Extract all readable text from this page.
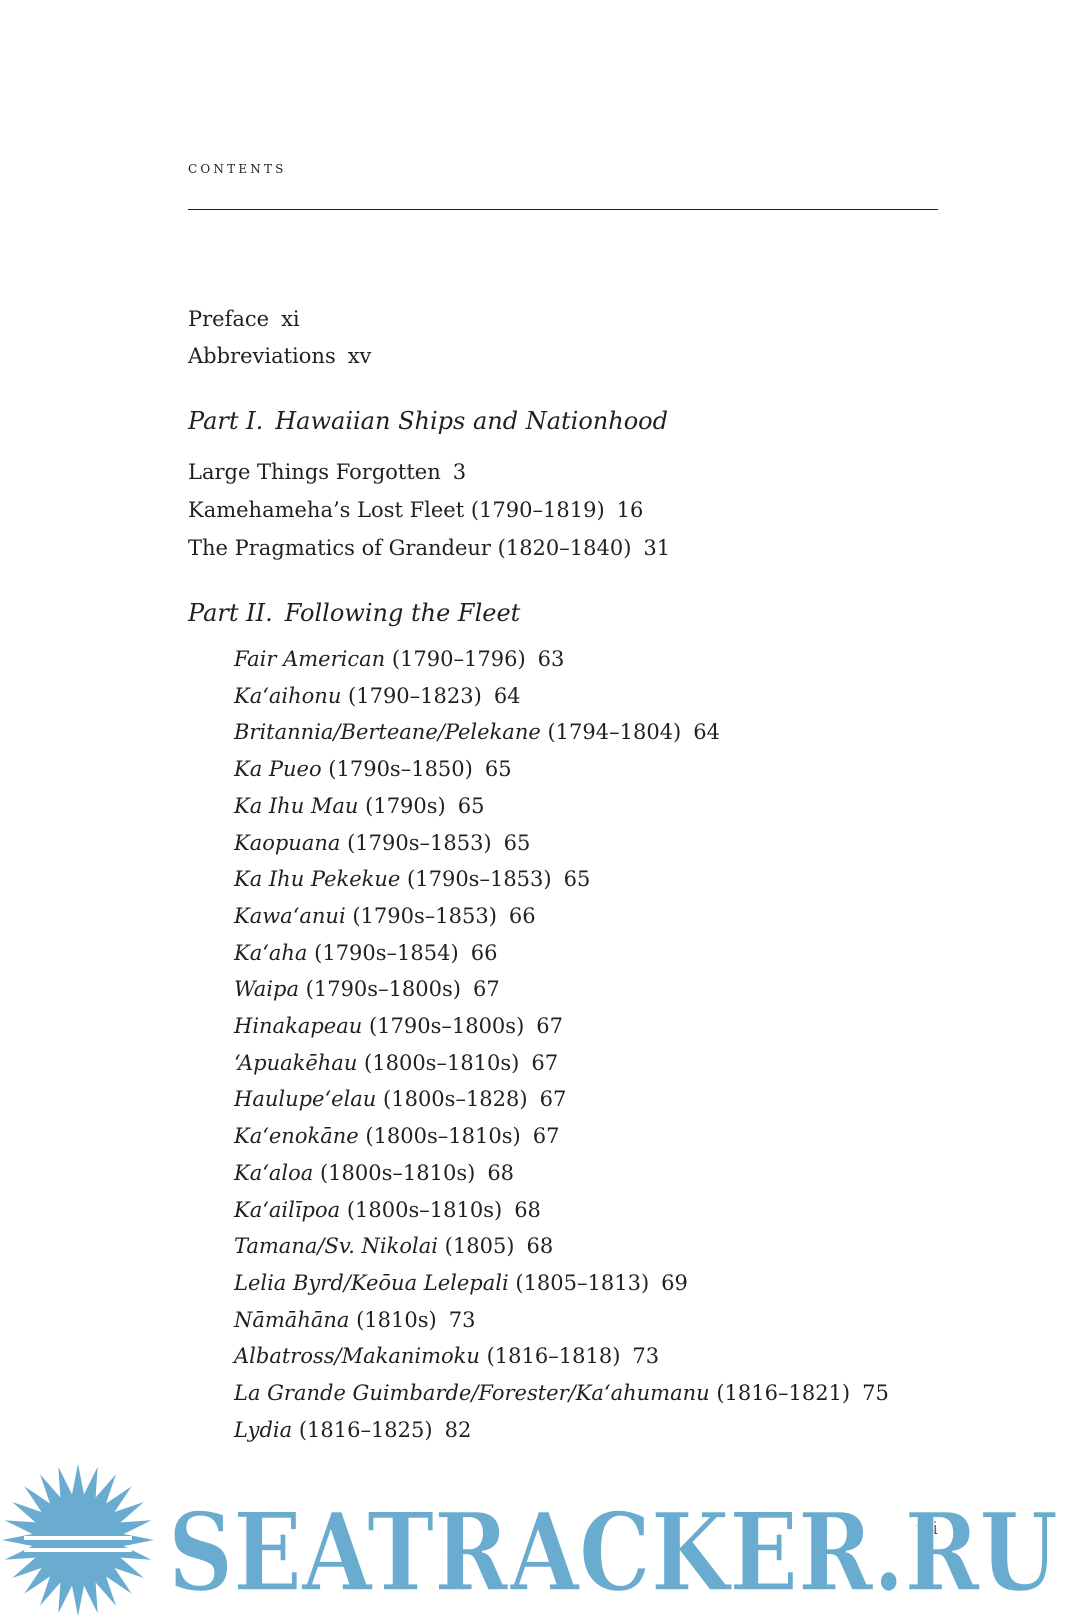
contents
Preface xi
Abbreviations xv
Part I. Hawaiian Ships and Nationhood
Large Things Forgotten 3
Kamehameha’s Lost Fleet (1790–1819) 16
The Pragmatics of Grandeur (1820–1840) 31
Part II. Following the Fleet
Fair American (1790–1796) 63
Ka‘aihonu (1790–1823) 64
Britannia/Berteane/Pelekane (1794–1804) 64
Ka Pueo (1790s–1850) 65
Ka Ihu Mau (1790s) 65
Kaopuana (1790s–1853) 65
Ka Ihu Pekekue (1790s–1853) 65
Kawa‘anui (1790s–1853) 66
Ka‘aha (1790s–1854) 66
Waipa (1790s–1800s) 67
Hinakapeau (1790s–1800s) 67
‘Apuakēhau (1800s–1810s) 67
Haulupe‘elau (1800s–1828) 67
Ka‘enokāne (1800s–1810s) 67
Ka‘aloa (1800s–1810s) 68
Ka‘ailīpoa (1800s–1810s) 68
Tamana/Sv. Nikolai (1805) 68
Lelia Byrd/Keōua Lelepali (1805–1813) 69
Nāmāhāna (1810s) 73
Albatross/Makanimoku (1816–1818) 73
La Grande Guimbarde/Forester/Ka‘ahumanu (1816–1821) 75
Lydia (1816–1825) 82
vii
SEATRACKER.RU
